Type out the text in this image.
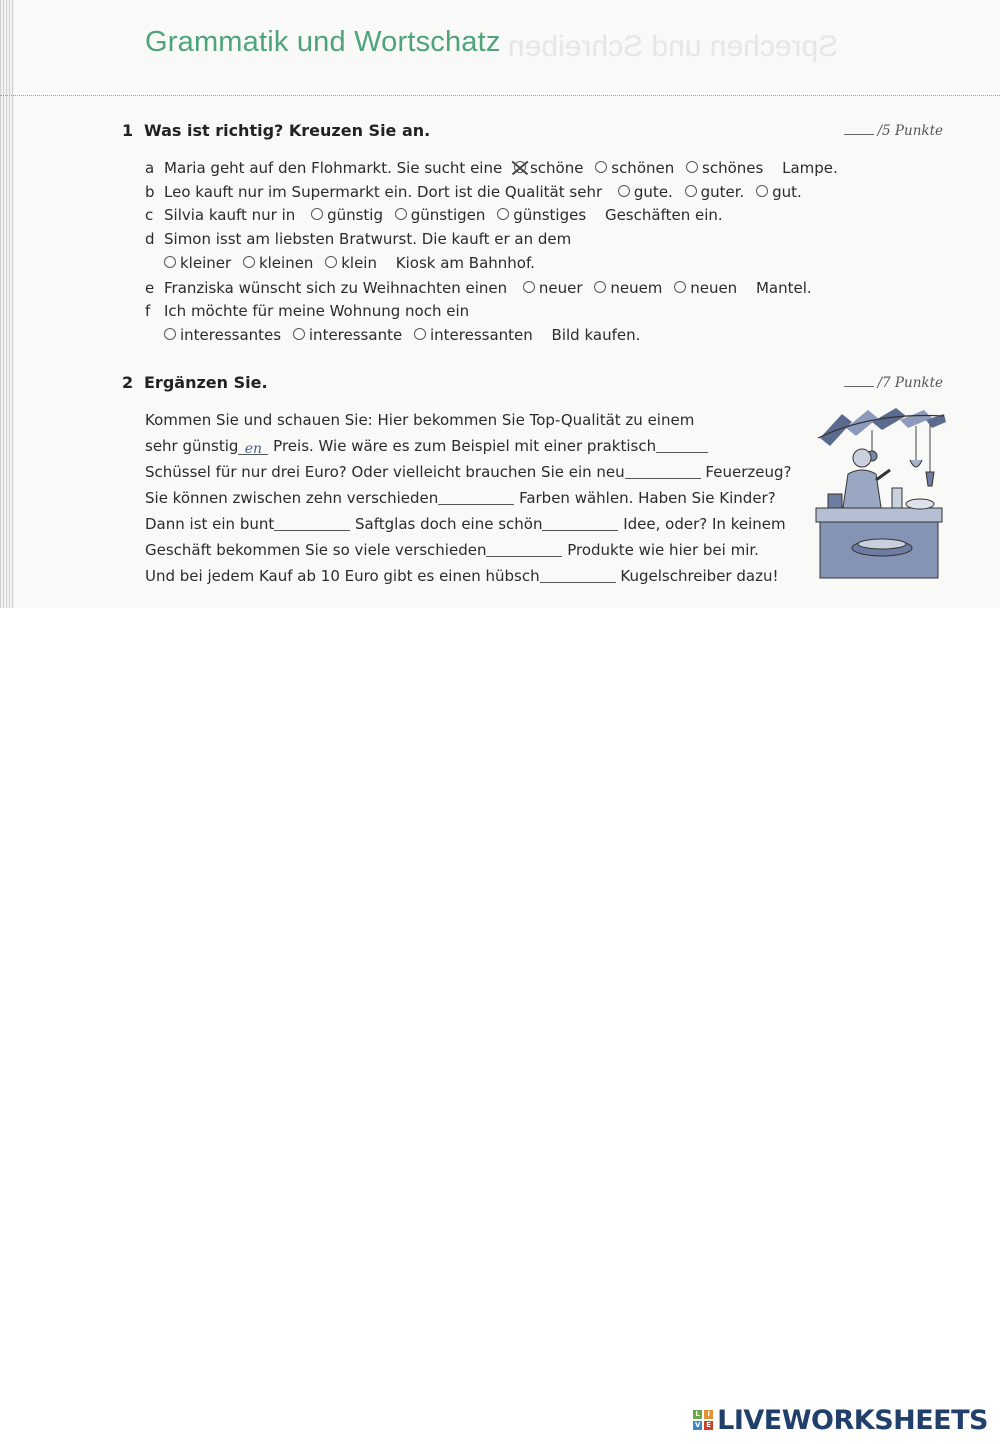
Sprechen und Schreiben
Grammatik und Wortschatz
1 Was ist richtig? Kreuzen Sie an.	/5 Punkte
a Maria geht auf den Flohmarkt. Sie sucht eine schöne schönen schönes Lampe.
b Leo kauft nur im Supermarkt ein. Dort ist die Qualität sehr gute. guter. gut.
c Silvia kauft nur in günstig günstigen günstiges Geschäften ein.
d Simon isst am liebsten Bratwurst. Die kauft er an dem
kleiner kleinen klein Kiosk am Bahnhof.
e Franziska wünscht sich zu Weihnachten einen neuer neuem neuen Mantel.
f Ich möchte für meine Wohnung noch ein
interessantes interessante interessanten Bild kaufen.
2 Ergänzen Sie.	/7 Punkte
Kommen Sie und schauen Sie: Hier bekommen Sie Top-Qualität zu einem
sehr günstig en Preis. Wie wäre es zum Beispiel mit einer praktisch
Schüssel für nur drei Euro? Oder vielleicht brauchen Sie ein neu	Feuerzeug?
Sie können zwischen zehn verschieden	Farben wählen. Haben Sie Kinder?
Dann ist ein bunt	Saftglas doch eine schön	Idee, oder? In keinem
Geschäft bekommen Sie so viele verschieden	Produkte wie hier bei mir.
Und bei jedem Kauf ab 10 Euro gibt es einen hübsch	Kugelschreiber dazu!
L	I
V E LIVEWORKSHEETS
